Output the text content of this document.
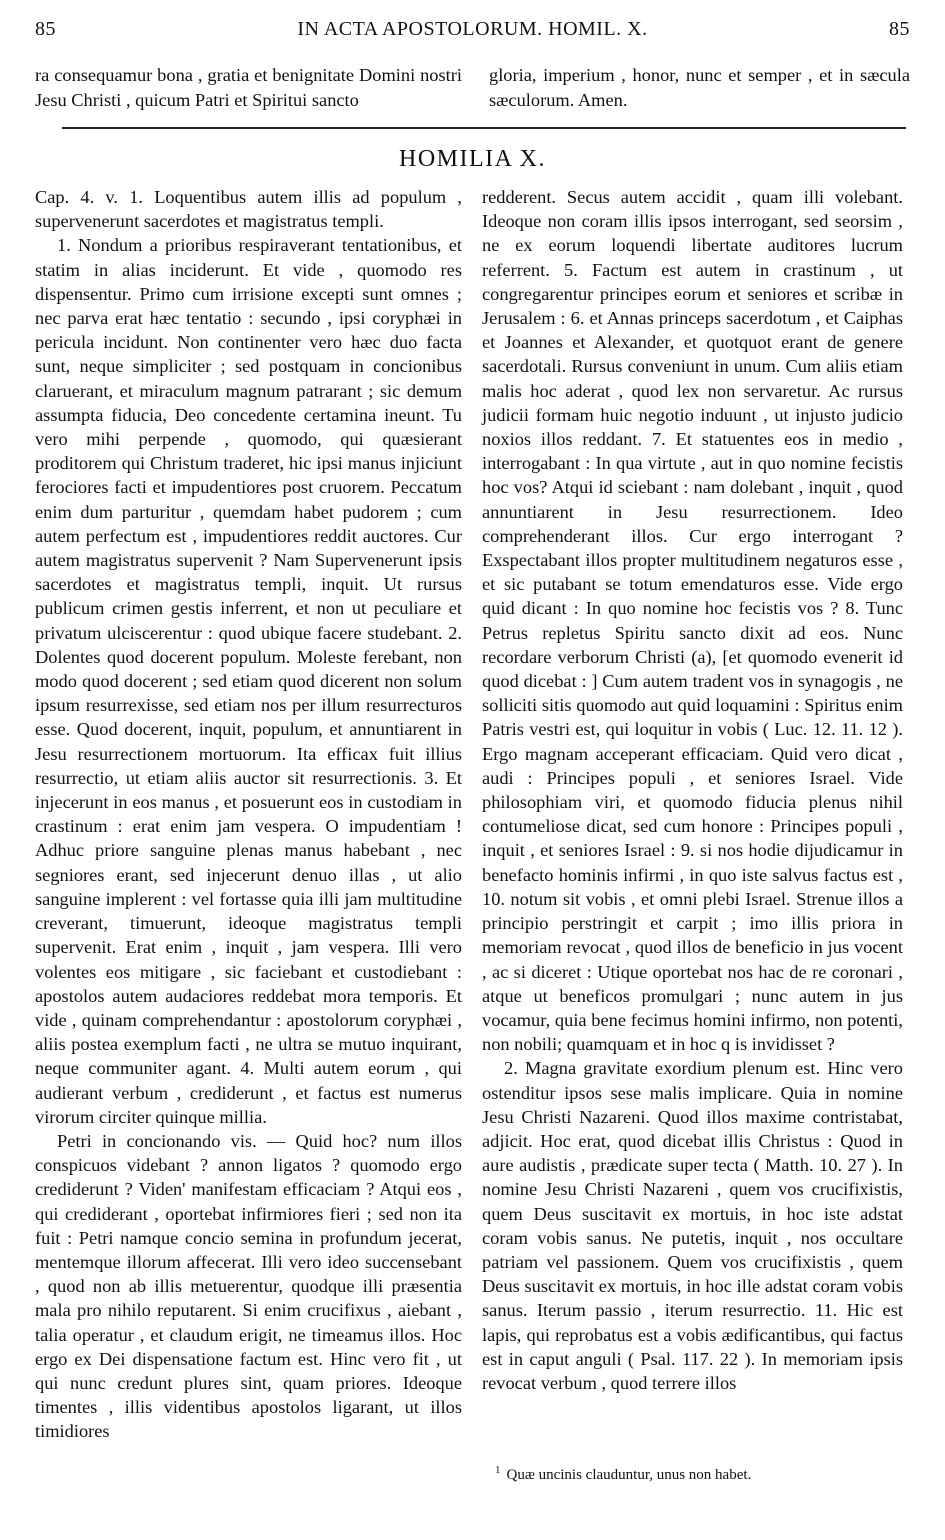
85	IN ACTA APOSTOLORUM. HOMIL. X.	85
ra consequamur bona , gratia et benignitate Domini nostri Jesu Christi , quicum Patri et Spiritui sancto
gloria, imperium , honor, nunc et semper , et in sæcula sæculorum. Amen.
HOMILIA X.

Cap. 4. v. 1. Loquentibus autem illis ad populum , supervenerunt sacerdotes et magistratus templi.

1. Nondum a prioribus respiraverant tentationibus, et statim in alias inciderunt. Et vide , quomodo res dispensentur. Primo cum irrisione excepti sunt omnes ; nec parva erat hæc tentatio : secundo , ipsi coryphæi in pericula incidunt. Non continenter vero hæc duo facta sunt, neque simpliciter ; sed postquam in concionibus claruerant, et miraculum magnum patrarant ; sic demum assumpta fiducia, Deo concedente certamina ineunt. Tu vero mihi perpende , quomodo, qui quæsierant proditorem qui Christum traderet, hic ipsi manus injiciunt ferociores facti et impudentiores post cruorem. Peccatum enim dum parturitur , quemdam habet pudorem ; cum autem perfectum est , impudentiores reddit auctores. Cur autem magistratus supervenit ? Nam Supervenerunt ipsis sacerdotes et magistratus templi, inquit. Ut rursus publicum crimen gestis inferrent, et non ut peculiare et privatum ulciscerentur : quod ubique facere studebant. 2. Dolentes quod docerent populum. Moleste ferebant, non modo quod docerent ; sed etiam quod dicerent non solum ipsum resurrexisse, sed etiam nos per illum resurrecturos esse. Quod docerent, inquit, populum, et annuntiarent in Jesu resurrectionem mortuorum. Ita efficax fuit illius resurrectio, ut etiam aliis auctor sit resurrectionis. 3. Et injecerunt in eos manus , et posuerunt eos in custodiam in crastinum : erat enim jam vespera. O impudentiam ! Adhuc priore sanguine plenas manus habebant , nec segniores erant, sed injecerunt denuo illas , ut alio sanguine implerent : vel fortasse quia illi jam multitudine creverant, timuerunt, ideoque magistratus templi supervenit. Erat enim , inquit , jam vespera. Illi vero volentes eos mitigare , sic faciebant et custodiebant : apostolos autem audaciores reddebat mora temporis. Et vide , quinam comprehendantur : apostolorum coryphæi , aliis postea exemplum facti , ne ultra se mutuo inquirant, neque communiter agant. 4. Multi autem eorum , qui audierant verbum , crediderunt , et factus est numerus virorum circiter quinque millia.

Petri in concionando vis. — Quid hoc? num illos conspicuos videbant ? annon ligatos ? quomodo ergo crediderunt ? Viden' manifestam efficaciam ? Atqui eos , qui crediderant , oportebat infirmiores fieri ; sed non ita fuit : Petri namque concio semina in profundum jecerat, mentemque illorum affecerat. Illi vero ideo succensebant , quod non ab illis metuerentur, quodque illi præsentia mala pro nihilo reputarent. Si enim crucifixus , aiebant , talia operatur , et claudum erigit, ne timeamus illos. Hoc ergo ex Dei dispensatione factum est. Hinc vero fit , ut qui nunc credunt plures sint, quam priores. Ideoque timentes , illis videntibus apostolos ligarant, ut illos timidiores

redderent. Secus autem accidit , quam illi volebant. Ideoque non coram illis ipsos interrogant, sed seorsim , ne ex eorum loquendi libertate auditores lucrum referrent. 5. Factum est autem in crastinum , ut congregarentur principes eorum et seniores et scribæ in Jerusalem : 6. et Annas princeps sacerdotum , et Caiphas et Joannes et Alexander, et quotquot erant de genere sacerdotali. Rursus conveniunt in unum. Cum aliis etiam malis hoc aderat , quod lex non servaretur. Ac rursus judicii formam huic negotio induunt , ut injusto judicio noxios illos reddant. 7. Et statuentes eos in medio , interrogabant : In qua virtute , aut in quo nomine fecistis hoc vos? Atqui id sciebant : nam dolebant , inquit , quod annuntiarent in Jesu resurrectionem. Ideo comprehenderant illos. Cur ergo interrogant ? Exspectabant illos propter multitudinem negaturos esse , et sic putabant se totum emendaturos esse. Vide ergo quid dicant : In quo nomine hoc fecistis vos ? 8. Tunc Petrus repletus Spiritu sancto dixit ad eos. Nunc recordare verborum Christi (a), [et quomodo evenerit id quod dicebat : ] Cum autem tradent vos in synagogis , ne solliciti sitis quomodo aut quid loquamini : Spiritus enim Patris vestri est, qui loquitur in vobis ( Luc. 12. 11. 12 ). Ergo magnam acceperant efficaciam. Quid vero dicat , audi : Principes populi , et seniores Israel. Vide philosophiam viri, et quomodo fiducia plenus nihil contumeliose dicat, sed cum honore : Principes populi , inquit , et seniores Israel : 9. si nos hodie dijudicamur in benefacto hominis infirmi , in quo iste salvus factus est , 10. notum sit vobis , et omni plebi Israel. Strenue illos a principio perstringit et carpit ; imo illis priora in memoriam revocat , quod illos de beneficio in jus vocent , ac si diceret : Utique oportebat nos hac de re coronari , atque ut beneficos promulgari ; nunc autem in jus vocamur, quia bene fecimus homini infirmo, non potenti, non nobili; quamquam et in hoc q is invidisset ?

2. Magna gravitate exordium plenum est. Hinc vero ostenditur ipsos sese malis implicare. Quia in nomine Jesu Christi Nazareni. Quod illos maxime contristabat, adjicit. Hoc erat, quod dicebat illis Christus : Quod in aure audistis , prædicate super tecta ( Matth. 10. 27 ). In nomine Jesu Christi Nazareni , quem vos crucifixistis, quem Deus suscitavit ex mortuis, in hoc iste adstat coram vobis sanus. Ne putetis, inquit , nos occultare patriam vel passionem. Quem vos crucifixistis , quem Deus suscitavit ex mortuis, in hoc ille adstat coram vobis sanus. Iterum passio , iterum resurrectio. 11. Hic est lapis, qui reprobatus est a vobis ædificantibus, qui factus est in caput anguli ( Psal. 117. 22 ). In memoriam ipsis revocat verbum , quod terrere illos

$^1$ Quæ uncinis clauduntur, unus non habet.
